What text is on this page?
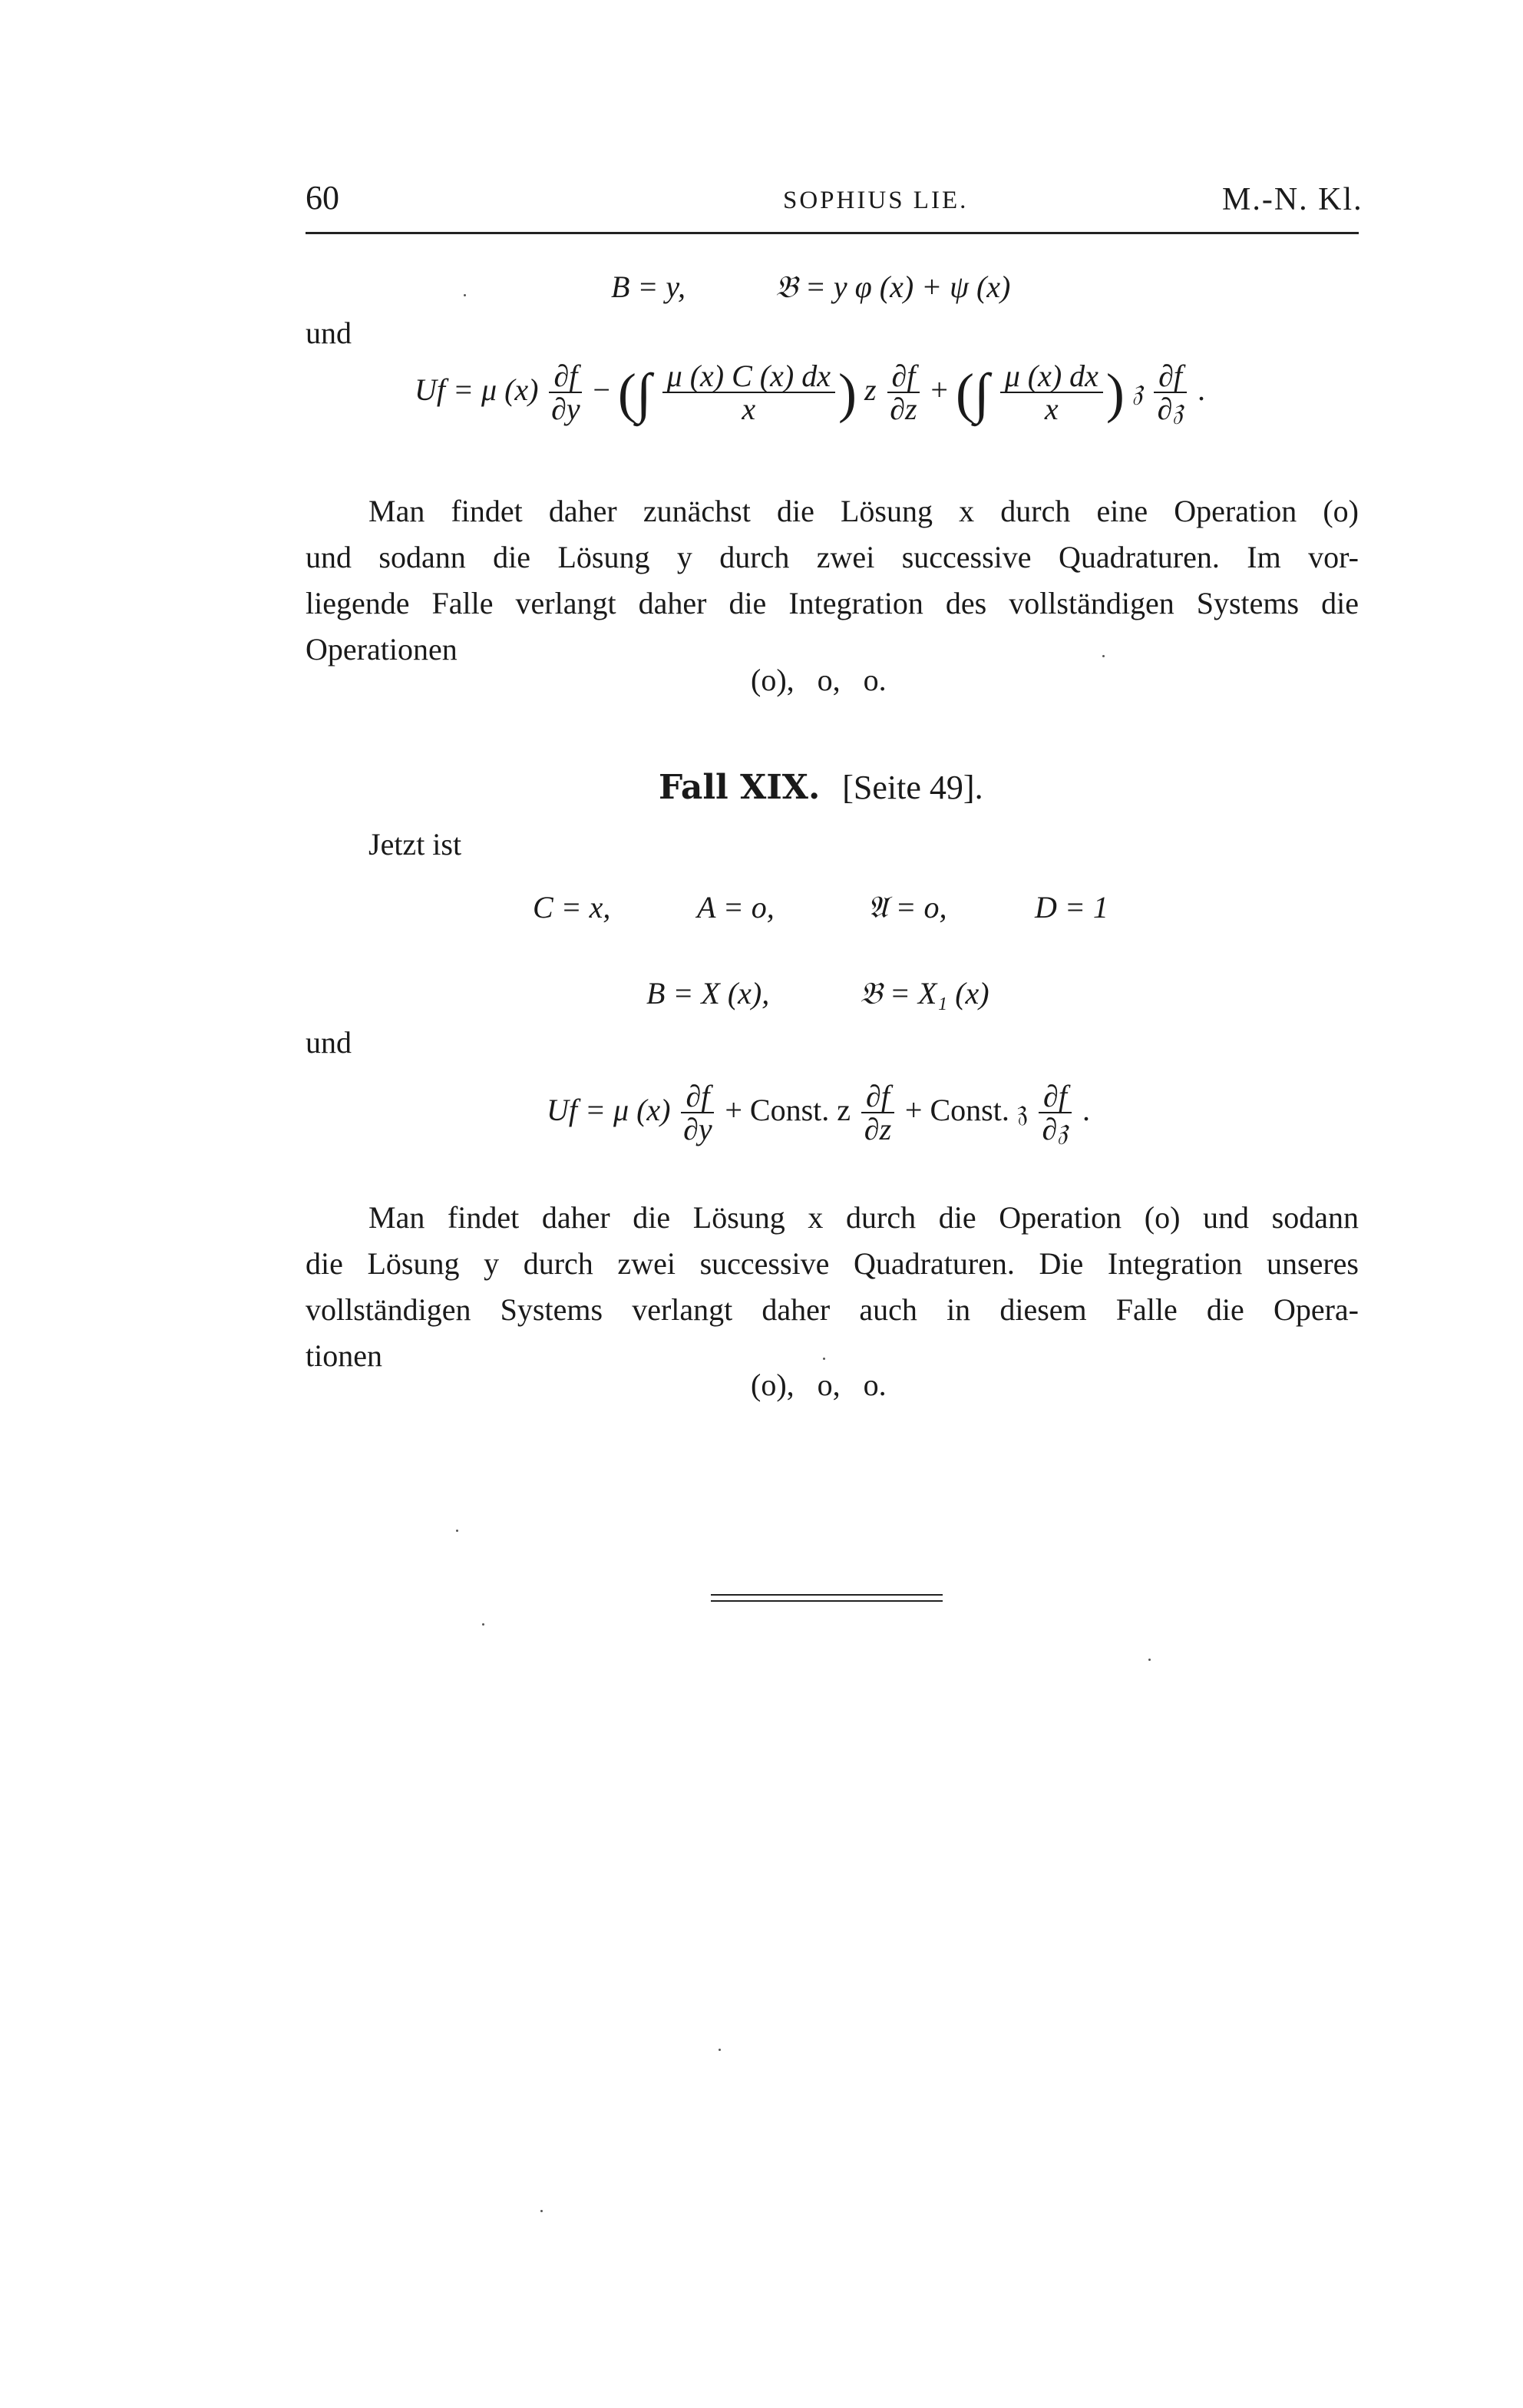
60	SOPHIUS LIE.	M.-N. Kl.
B = y,	𝔅 = y φ (x) + ψ (x)
und
Uf = μ $(x) \frac{\partial f}{\partial y}$ − (∫ $\frac{\mu (x) C (x) dx}{x}$ ) z $\frac{\partial f}{\partial z}$ + (∫ $\frac{\mu (x) dx}{x}$ ) 𝔷 $\frac{\partial f}{\text{∂𝔷}}$ .
Man findet daher zunächst die Lösung x durch eine Operation (o)
und sodann die Lösung y durch zwei successive Quadraturen. Im vor-
liegende Falle verlangt daher die Integration des vollständigen Systems die
Operationen
(o),   o,   o.
Fall XIX. [Seite 49].
Jetzt ist
C = x,	A = o,	𝔄 = o,	D = 1
B = X (x),	𝔅 = X₁ (x)
und
Uf = μ $(x) \frac{\partial f}{\partial y}$ + Const. z $\frac{\partial f}{\partial z}$ + Const. 𝔷 $\frac{\partial f}{\text{∂𝔷}}$ .
Man findet daher die Lösung x durch die Operation (o) und sodann
die Lösung y durch zwei successive Quadraturen. Die Integration unseres
vollständigen Systems verlangt daher auch in diesem Falle die Opera-
tionen
(o),   o,   o.
